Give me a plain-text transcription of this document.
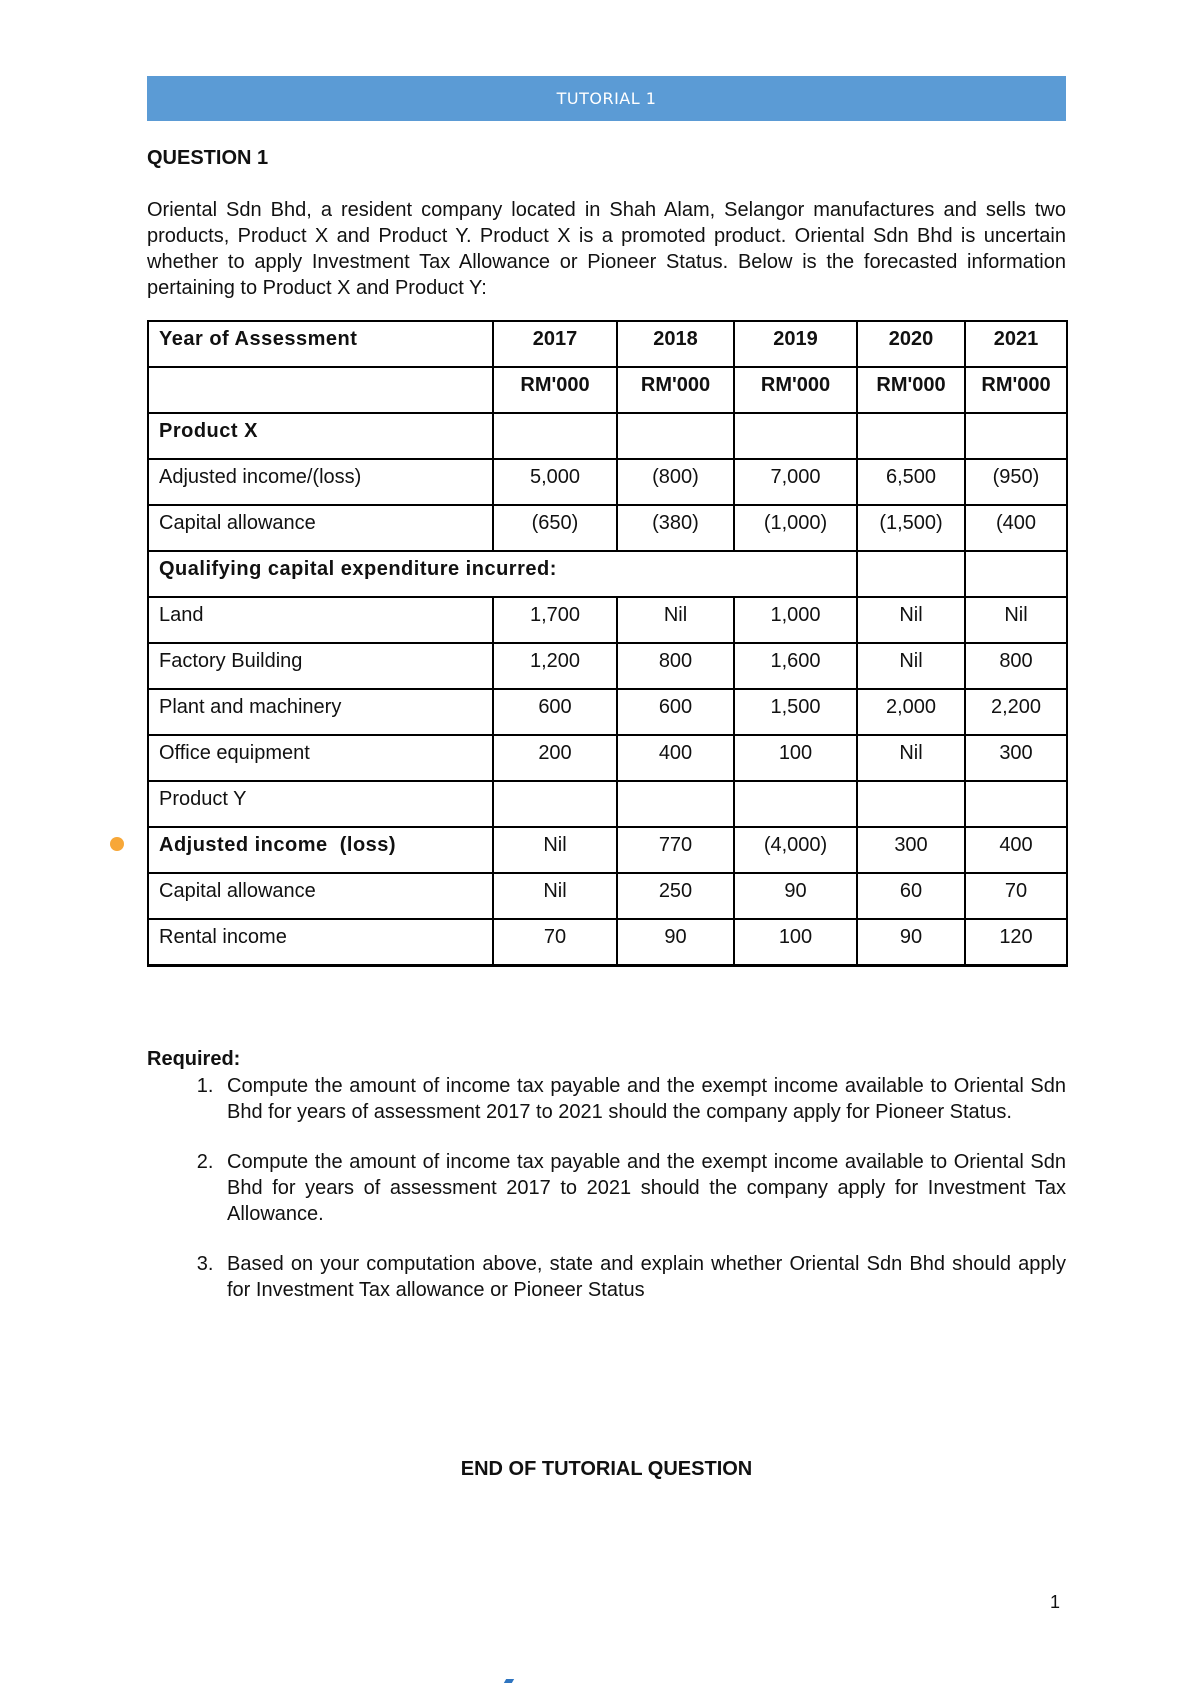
TUTORIAL 1
QUESTION 1

Oriental Sdn Bhd, a resident company located in Shah Alam, Selangor manufactures and sells two products, Product X and Product Y. Product X is a promoted product. Oriental Sdn Bhd is uncertain whether to apply Investment Tax Allowance or Pioneer Status. Below is the forecasted information pertaining to Product X and Product Y:

Year of Assessment	2017	2018	2019	2020	2021
	RM'000	RM'000	RM'000	RM'000	RM'000
Product X					
Adjusted income/(loss)	5,000	(800)	7,000	6,500	(950)
Capital allowance	(650)	(380)	(1,000)	(1,500)	(400
Qualifying capital expenditure incurred:					
Land	1,700	Nil	1,000	Nil	Nil
Factory Building	1,200	800	1,600	Nil	800
Plant and machinery	600	600	1,500	2,000	2,200
Office equipment	200	400	100	Nil	300
Product Y					
Adjusted income  (loss)	Nil	770	(4,000)	300	400
Capital allowance	Nil	250	90	60	70
Rental income	70	90	100	90	120
Required:
1. Compute the amount of income tax payable and the exempt income available to Oriental Sdn Bhd for years of assessment 2017 to 2021 should the company apply for Pioneer Status.
2. Compute the amount of income tax payable and the exempt income available to Oriental Sdn Bhd for years of assessment 2017 to 2021 should the company apply for Investment Tax Allowance.
3. Based on your computation above, state and explain whether Oriental Sdn Bhd should apply for Investment Tax allowance or Pioneer Status
END OF TUTORIAL QUESTION
1
